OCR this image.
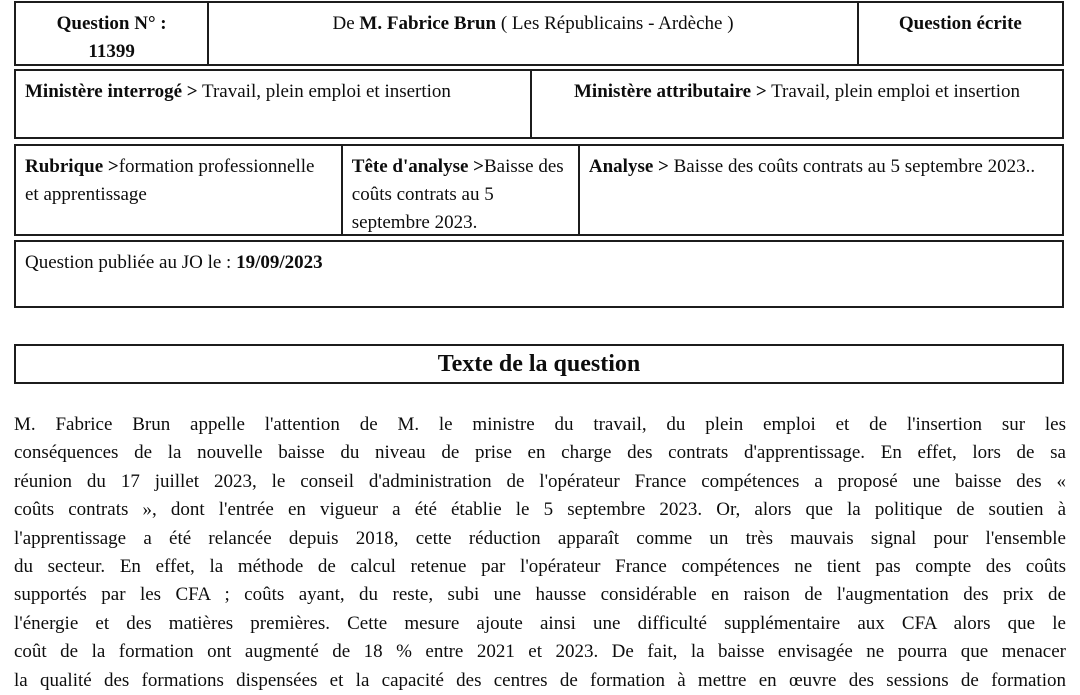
Question N° :
11399
De M. Fabrice Brun ( Les Républicains - Ardèche )	Question écrite
Ministère interrogé > Travail, plein emploi et insertion	Ministère attributaire > Travail, plein emploi et insertion
Rubrique >formation professionnelle et apprentissage
Tête d'analyse >Baisse des coûts contrats au 5 septembre 2023.
Analyse > Baisse des coûts contrats au 5 septembre 2023..
Question publiée au JO le : 19/09/2023
Texte de la question
M. Fabrice Brun appelle l'attention de M. le ministre du travail, du plein emploi et de l'insertion sur les
conséquences de la nouvelle baisse du niveau de prise en charge des contrats d'apprentissage. En effet, lors de sa
réunion du 17 juillet 2023, le conseil d'administration de l'opérateur France compétences a proposé une baisse des «
coûts contrats », dont l'entrée en vigueur a été établie le 5 septembre 2023. Or, alors que la politique de soutien à
l'apprentissage a été relancée depuis 2018, cette réduction apparaît comme un très mauvais signal pour l'ensemble
du secteur. En effet, la méthode de calcul retenue par l'opérateur France compétences ne tient pas compte des coûts
supportés par les CFA ; coûts ayant, du reste, subi une hausse considérable en raison de l'augmentation des prix de
l'énergie et des matières premières. Cette mesure ajoute ainsi une difficulté supplémentaire aux CFA alors que le
coût de la formation ont augmenté de 18 % entre 2021 et 2023. De fait, la baisse envisagée ne pourra que menacer
la qualité des formations dispensées et la capacité des centres de formation à mettre en œuvre des sessions de formation
